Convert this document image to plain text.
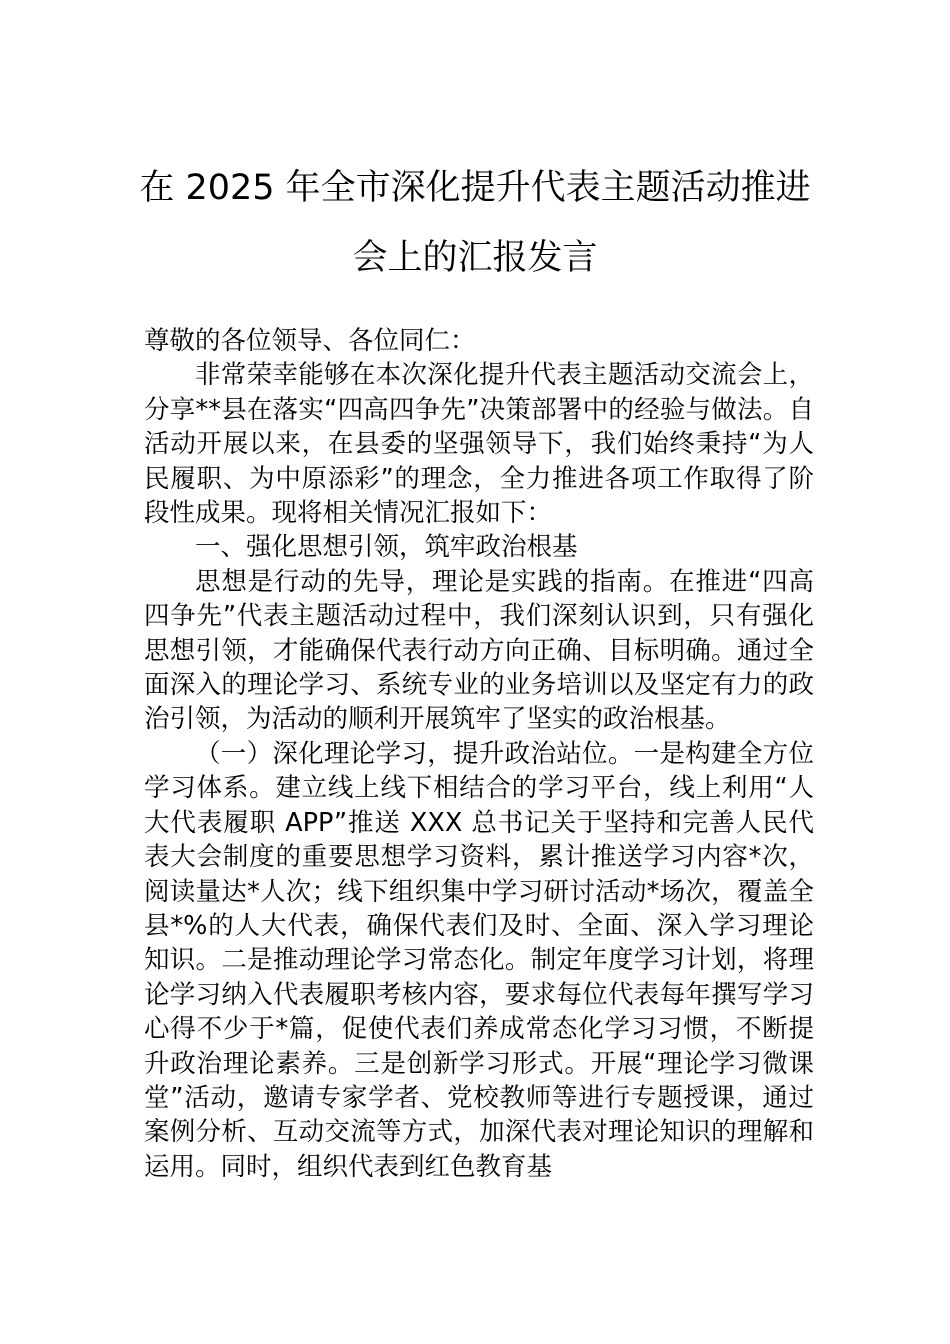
在 2025 年全市深化提升代表主题活动推进
会上的汇报发言

尊敬的各位领导、各位同仁：

非常荣幸能够在本次深化提升代表主题活动交流会上，分享**县在落实“四高四争先”决策部署中的经验与做法。自活动开展以来，在县委的坚强领导下，我们始终秉持“为人民履职、为中原添彩”的理念，全力推进各项工作取得了阶段性成果。现将相关情况汇报如下：

一、强化思想引领，筑牢政治根基

思想是行动的先导，理论是实践的指南。在推进“四高四争先”代表主题活动过程中，我们深刻认识到，只有强化思想引领，才能确保代表行动方向正确、目标明确。通过全面深入的理论学习、系统专业的业务培训以及坚定有力的政治引领，为活动的顺利开展筑牢了坚实的政治根基。

（一）深化理论学习，提升政治站位。一是构建全方位学习体系。建立线上线下相结合的学习平台，线上利用“人大代表履职 APP”推送 XXX 总书记关于坚持和完善人民代表大会制度的重要思想学习资料，累计推送学习内容*次，阅读量达*人次；线下组织集中学习研讨活动*场次，覆盖全县*%的人大代表，确保代表们及时、全面、深入学习理论知识。二是推动理论学习常态化。制定年度学习计划，将理论学习纳入代表履职考核内容，要求每位代表每年撰写学习心得不少于*篇，促使代表们养成常态化学习习惯，不断提升政治理论素养。三是创新学习形式。开展“理论学习微课堂”活动，邀请专家学者、党校教师等进行专题授课，通过案例分析、互动交流等方式，加深代表对理论知识的理解和运用。同时，组织代表到红色教育基
